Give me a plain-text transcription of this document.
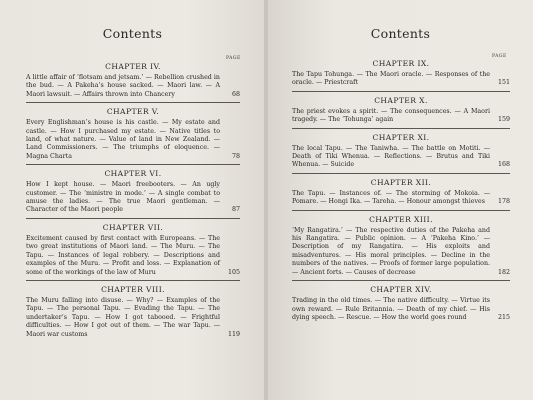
Contents
PAGE
CHAPTER IV.

A little affair of ‘flotsam and jetsam.’ — Rebellion crushed in the bud. — A Pakeha’s house sacked. — Maori law. — A Maori lawsuit. — Affairs thrown into Chancery	68

CHAPTER V.

Every Englishman’s house is his castle. — My estate and castle. — How I purchased my estate. — Native titles to land, of what nature. — Value of land in New Zealand. — Land Commissioners. — The triumphs of eloquence. — Magna Charta	78

CHAPTER VI.

How I kept house. — Maori freebooters. — An ugly customer. — The ‘ministre in mode.’ — A single combat to amuse the ladies. — The true Maori gentleman. — Character of the Maori people	87

CHAPTER VII.

Excitement caused by first contact with Europeans. — The two great institutions of Maori land. — The Muru. — The Tapu. — Instances of legal robbery. — Descriptions and examples of the Muru. — Profit and loss. — Explanation of some of the workings of the law of Muru	105

CHAPTER VIII.

The Muru falling into disuse. — Why? — Examples of the Tapu. — The personal Tapu. — Evading the Tapu. — The undertaker’s Tapu. — How I got tabooed. — Frightful difficulties. — How I got out of them. — The war Tapu. — Maori war customs	119

Contents
PAGE
CHAPTER IX.

The Tapu Tohunga. — The Maori oracle. — Responses of the oracle. — Priestcraft	151

CHAPTER X.

The priest evokes a spirit. — The consequences. — A Maori tragedy. — The ‘Tohunga’ again	159

CHAPTER XI.

The local Tapu. — The Taniwha. — The battle on Motiti. — Death of Tiki Whenua. — Reflections. — Brutus and Tiki Whenua. — Suicide	168

CHAPTER XII.

The Tapu. — Instances of. — The storming of Mokoia. — Pomare. — Hongi Ika. — Tareha. — Honour amongst thieves 178

CHAPTER XIII.

‘My Rangatira.’ — The respective duties of the Pakeha and his Rangatira. — Public opinion. — A ‘Pakeha Kino.’ — Description of my Rangatira. — His exploits and misadventures. — His moral principles. — Decline in the numbers of the natives. — Proofs of former large population. — Ancient forts. — Causes of decrease	182

CHAPTER XIV.

Trading in the old times. — The native difficulty. — Virtue its own reward. — Rule Britannia. — Death of my chief. — His dying speech. — Rescue. — How the world goes round	215
